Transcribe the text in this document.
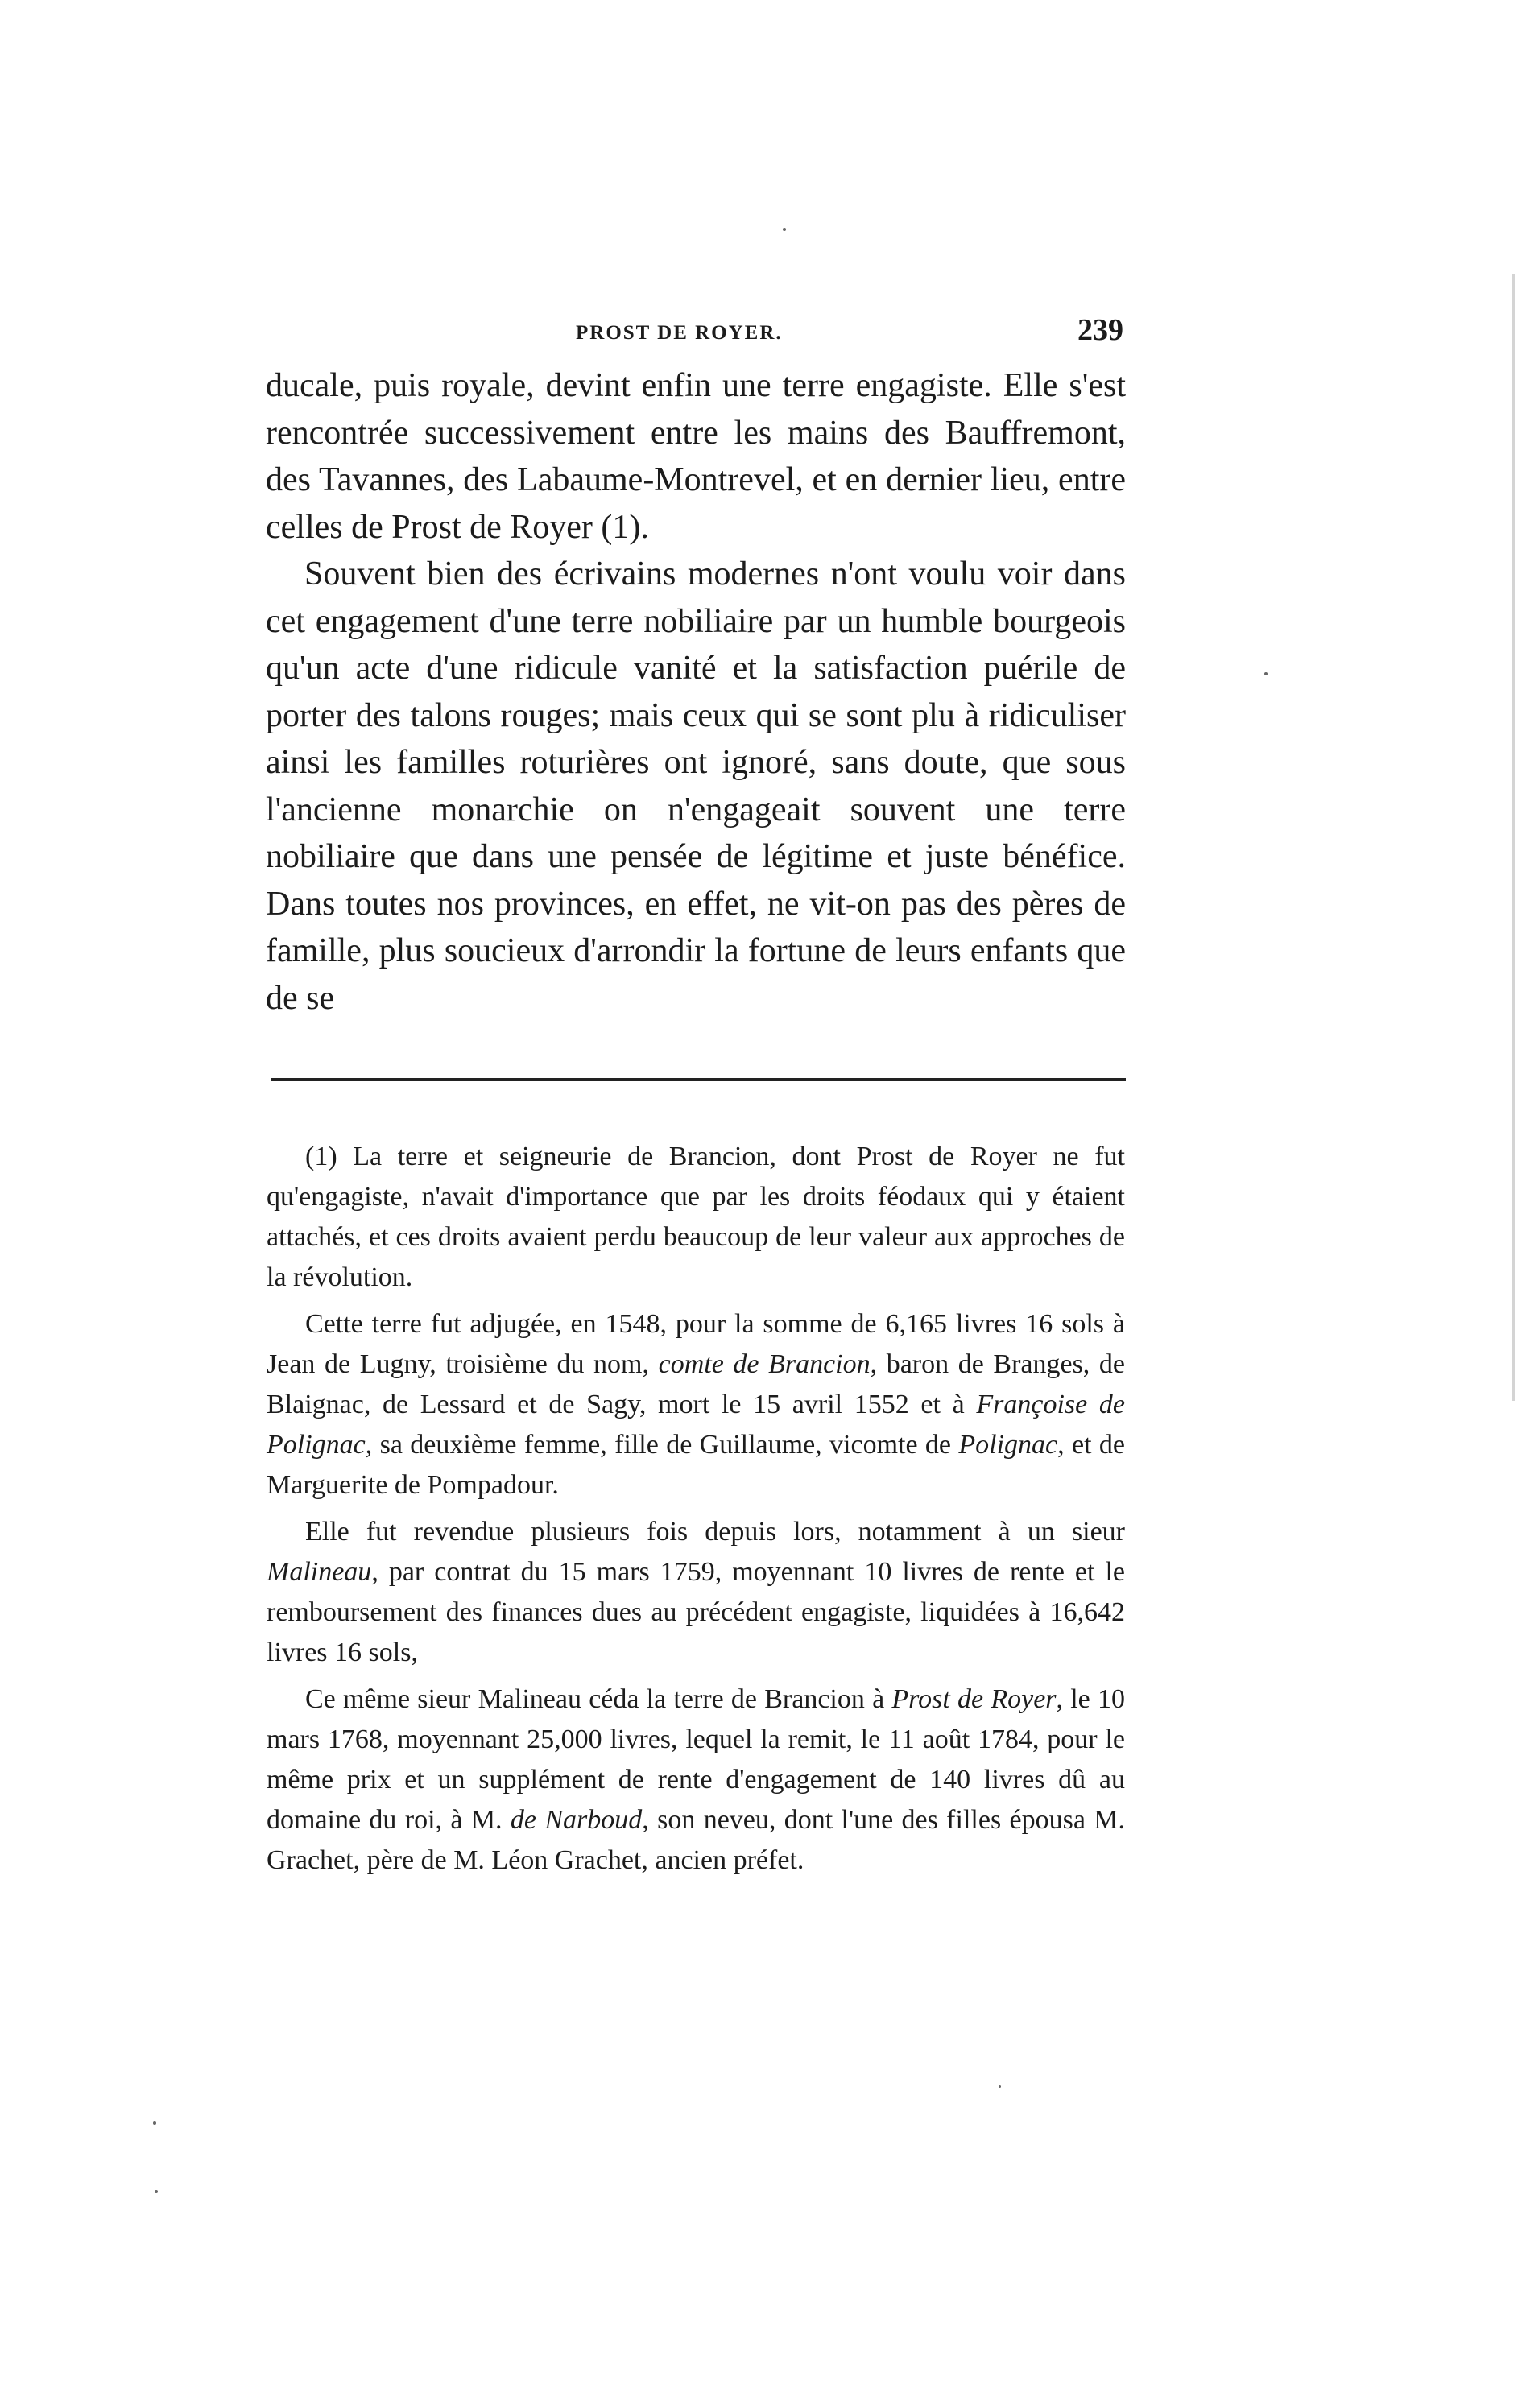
PROST DE ROYER.	239

ducale, puis royale, devint enfin une terre engagiste. Elle s'est rencontrée successivement entre les mains des Bauffremont, des Tavannes, des Labaume-Montrevel, et en dernier lieu, entre celles de Prost de Royer (1).

Souvent bien des écrivains modernes n'ont voulu voir dans cet engagement d'une terre nobiliaire par un humble bourgeois qu'un acte d'une ridicule vanité et la satisfaction puérile de porter des talons rouges; mais ceux qui se sont plu à ridiculiser ainsi les familles roturières ont ignoré, sans doute, que sous l'ancienne monarchie on n'engageait souvent une terre nobiliaire que dans une pensée de légitime et juste bénéfice. Dans toutes nos provinces, en effet, ne vit-on pas des pères de famille, plus soucieux d'arrondir la fortune de leurs enfants que de se

(1) La terre et seigneurie de Brancion, dont Prost de Royer ne fut qu'engagiste, n'avait d'importance que par les droits féodaux qui y étaient attachés, et ces droits avaient perdu beaucoup de leur valeur aux approches de la révolution.

Cette terre fut adjugée, en 1548, pour la somme de 6,165 livres 16 sols à Jean de Lugny, troisième du nom, comte de Brancion, baron de Branges, de Blaignac, de Lessard et de Sagy, mort le 15 avril 1552 et à Françoise de Polignac, sa deuxième femme, fille de Guillaume, vicomte de Polignac, et de Marguerite de Pompadour.

Elle fut revendue plusieurs fois depuis lors, notamment à un sieur Malineau, par contrat du 15 mars 1759, moyennant 10 livres de rente et le remboursement des finances dues au précédent engagiste, liquidées à 16,642 livres 16 sols,

Ce même sieur Malineau céda la terre de Brancion à Prost de Royer, le 10 mars 1768, moyennant 25,000 livres, lequel la remit, le 11 août 1784, pour le même prix et un supplément de rente d'engagement de 140 livres dû au domaine du roi, à M. de Narboud, son neveu, dont l'une des filles épousa M. Grachet, père de M. Léon Grachet, ancien préfet.
